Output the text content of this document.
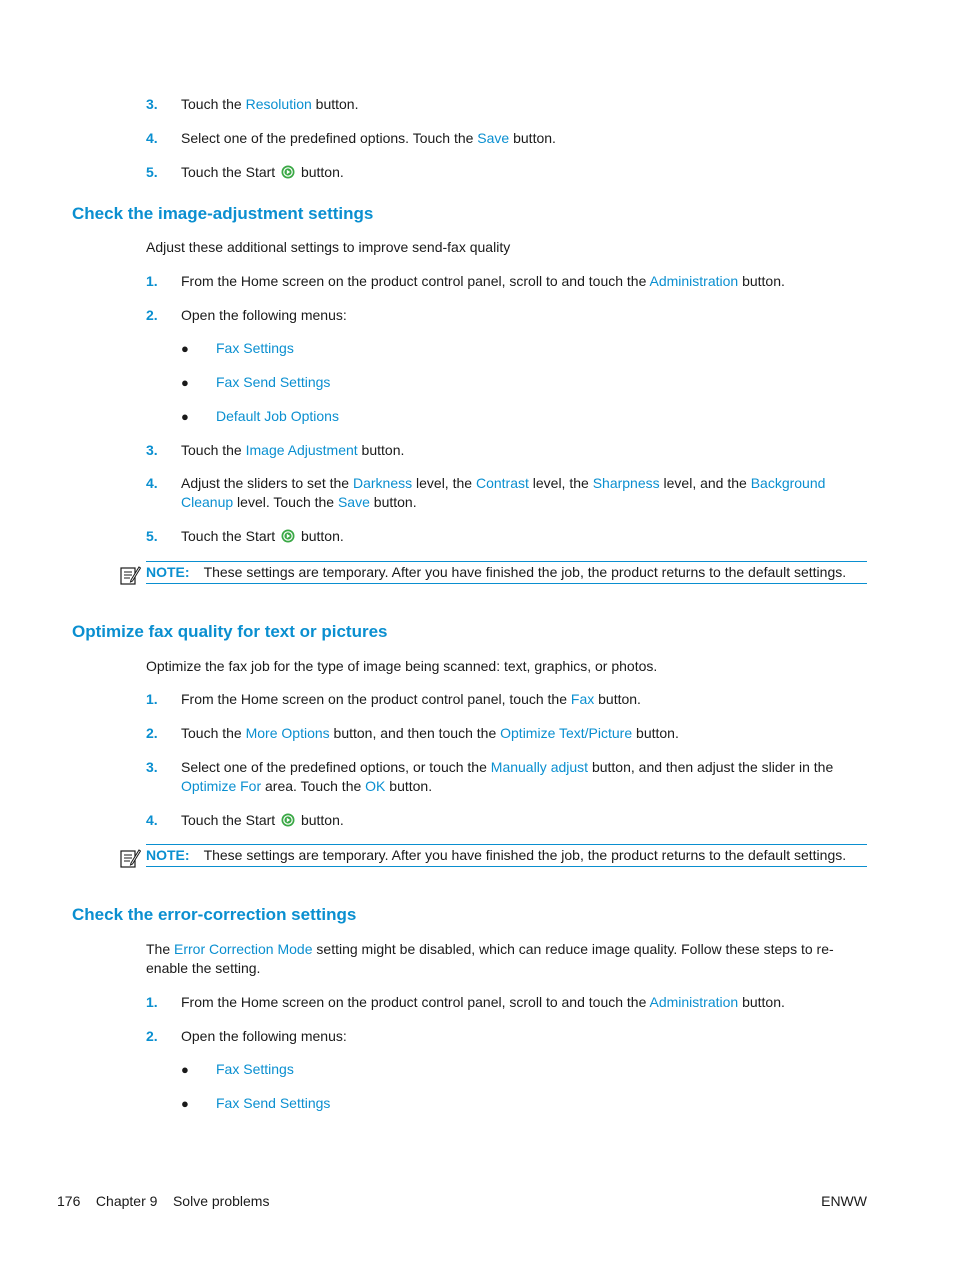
3.	Touch the Resolution button.
4.	Select one of the predefined options. Touch the Save button.
5.	Touch the Start button.
Check the image-adjustment settings
Adjust these additional settings to improve send-fax quality
1.	From the Home screen on the product control panel, scroll to and touch the Administration button.
2.	Open the following menus:
● Fax Settings
● Fax Send Settings
● Default Job Options
3.	Touch the Image Adjustment button.
4.	Adjust the sliders to set the Darkness level, the Contrast level, the Sharpness level, and the Background Cleanup level. Touch the Save button.
5.	Touch the Start button.
NOTE: These settings are temporary. After you have finished the job, the product returns to the default settings.
Optimize fax quality for text or pictures
Optimize the fax job for the type of image being scanned: text, graphics, or photos.
1.	From the Home screen on the product control panel, touch the Fax button.
2.	Touch the More Options button, and then touch the Optimize Text/Picture button.
3.	Select one of the predefined options, or touch the Manually adjust button, and then adjust the slider in the Optimize For area. Touch the OK button.
4.	Touch the Start button.
NOTE: These settings are temporary. After you have finished the job, the product returns to the default settings.
Check the error-correction settings
The Error Correction Mode setting might be disabled, which can reduce image quality. Follow these steps to re-enable the setting.
1.	From the Home screen on the product control panel, scroll to and touch the Administration button.
2.	Open the following menus:
● Fax Settings
● Fax Send Settings
176 Chapter 9 Solve problems	ENWW
